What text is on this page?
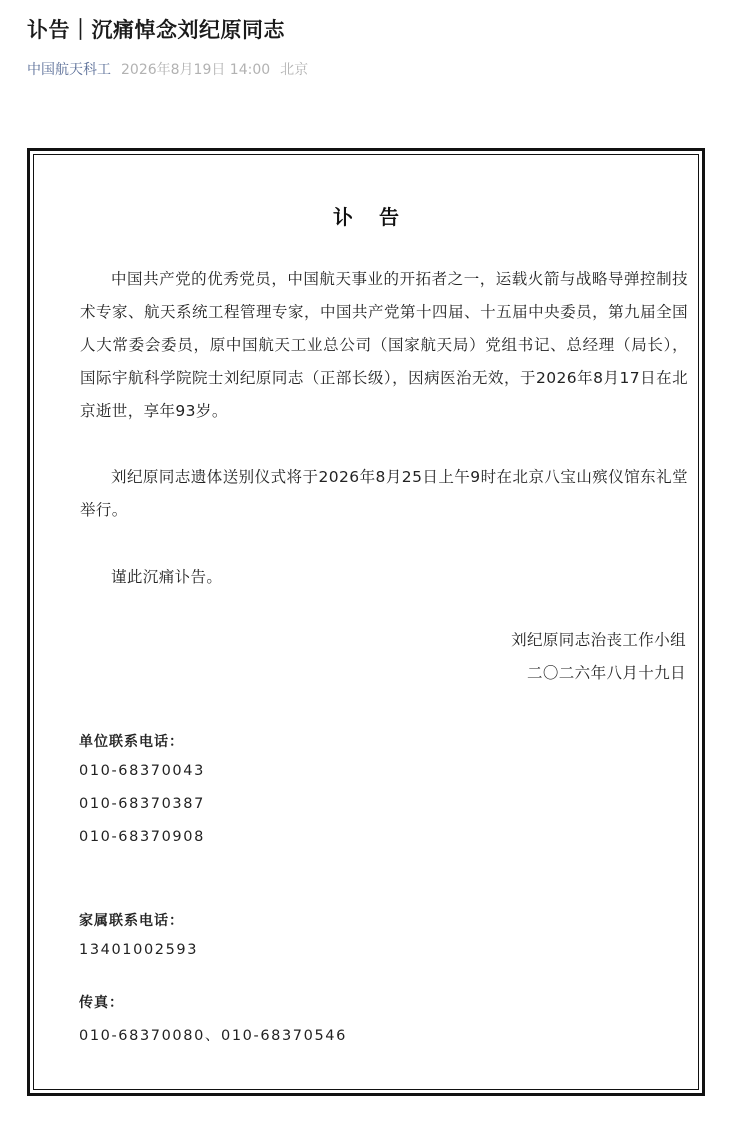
讣告｜沉痛悼念刘纪原同志
中国航天科工 2026年8月19日 14:00 北京
讣告

中国共产党的优秀党员，中国航天事业的开拓者之一，运载火箭与战略导弹控制技术专家、航天系统工程管理专家，中国共产党第十四届、十五届中央委员，第九届全国人大常委会委员，原中国航天工业总公司（国家航天局）党组书记、总经理（局长），国际宇航科学院院士刘纪原同志（正部长级），因病医治无效，于2026年8月17日在北京逝世，享年93岁。

刘纪原同志遗体送别仪式将于2026年8月25日上午9时在北京八宝山殡仪馆东礼堂举行。

谨此沉痛讣告。

刘纪原同志治丧工作小组
二〇二六年八月十九日
单位联系电话：
010-68370043
010-68370387
010-68370908
家属联系电话：
13401002593
传真：
010-68370080、010-68370546
